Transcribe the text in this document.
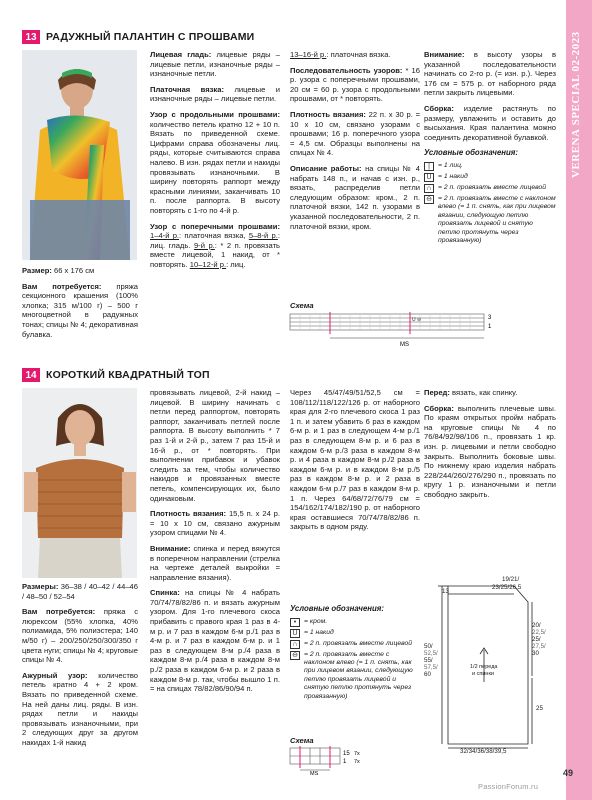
VERENА SPECIAL 02-2023
13 РАДУЖНЫЙ ПАЛАНТИН С ПРОШВАМИ

Размер: 66 х 176 см

Вам потребуется: пряжа секционного крашения (100% хлопка; 315 м/100 г) – 500 г многоцветной в радужных тонах; спицы № 4; декоративная булавка.

Лицевая гладь: лицевые ряды – лицевые петли, изнаночные ряды – изнаночные петли.

Платочная вязка: лицевые и изнаночные ряды – лицевые петли.

Узор с продольными прошвами: количество петель кратно 12 + 10 п. Вязать по приведенной схеме. Цифрами справа обозначены лиц. ряды, которые считываются справа налево. В изн. рядах петли и накиды провязывать изнаночными. В ширину повторять раппорт между красными линиями, заканчивать 10 п. после раппорта. В высоту повторять с 1-го по 4-й р.

Узор с поперечными прошвами: 1–4-й р.: платочная вязка, 5–8-й р.: лиц. гладь. 9-й р.: * 2 п. провязать вместе лицевой, 1 накид, от * повторять. 10–12-й р.: лиц.

13–16-й р.: платочная вязка.

Последовательность узоров: * 16 р. узора с поперечными прошвами, 20 см = 60 р. узора с продольными прошвами, от * повторять.

Плотность вязания: 22 п. х 30 р. = 10 х 10 см, связано узорами с прошвами; 16 р. поперечного узора = 4,5 см. Образцы выполнены на спицах № 4.

Описание работы: на спицы № 4 набрать 148 п., и начав с изн. р., вязать, распределив петли следующим образом: кром., 2 п. платочной вязки, 142 п. узорами в указанной последовательности, 2 п. платочной вязки, кром.

Внимание: в высоту узоры в указанной последовательности начинать со 2-го р. (= изн. р.). Через 176 см = 575 р. от наборного ряда петли закрыть лицевыми.

Сборка: изделие растянуть по размеру, увлажнить и оставить до высыхания. Края палантина можно соединить декоративной булавкой.

Условные обозначения:
|	= 1 лиц.
U = 1 накид
∩ = 2 п. провязать вместе лицевой
⊖ = 2 п. провязать вместе с наклоном влево (= 1 п. снять, как при лицевом вязании, следующую петлю провязать лицевой и снятую петлю протянуть через провязанную)
Схема
U ⊖	3
1
MS
14 КОРОТКИЙ КВАДРАТНЫЙ ТОП

Размеры: 36–38 / 40–42 / 44–46 / 48–50 / 52–54

Вам потребуется: пряжа с люрексом (55% хлопка, 40% полиамида, 5% полиэстера; 140 м/50 г) – 200/250/250/300/350 г цвета нуги; спицы № 4; круговые спицы № 4.

Ажурный узор: количество петель кратно 4 + 2 кром. Вязать по приведенной схеме. На ней даны лиц. ряды. В изн. рядах петли и накиды провязывать изнаночными, при 2 следующих друг за другом накидах 1-й накид

провязывать лицевой, 2-й накид – лицевой. В ширину начинать с петли перед раппортом, повторять раппорт, заканчивать петлей после раппорта. В высоту выполнить * 7 раз 1-й и 2-й р., затем 7 раз 15-й и 16-й р., от * повторять. При выполнении прибавок и убавок следить за тем, чтобы количество накидов и провязанных вместе петель, компенсирующих их, было одинаковым.

Плотность вязания: 15,5 п. х 24 р. = 10 х 10 см, связано ажурным узором спицами № 4.

Внимание: спинка и перед вяжутся в поперечном направлении (стрелка на чертеже деталей выкройки = направление вязания).

Спинка: на спицы № 4 набрать 70/74/78/82/86 п. и вязать ажурным узором. Для 1-го плечевого скоса прибавить с правого края 1 раз в 4-м р. и 7 раз в каждом 6-м р./1 раз в 4-м р. и 7 раз в каждом 6-м р. и 1 раз в следующем 8-м р./4 раза в каждом 8-м р./4 раза в каждом 8-м р./2 раза в каждом 6-м р. и 2 раза в каждом 8-м р. так, чтобы вышло 1 п. = на спицах 78/82/86/90/94 п.

Через 45/47/49/51/52,5 см = 108/112/118/122/126 р. от наборного края для 2-го плечевого скоса 1 раз 1 п. и затем убавить 6 раз в каждом 6-м р. и 1 раз в следующем 4-м р./1 раз в следующем 8-м р. и 6 раз в каждом 6-м р./3 раза в каждом 8-м р. и 4 раза в каждом 8-м р./2 раза в каждом 6-м р. и в каждом 8-м р./5 раз в каждом 8-м р. и 2 раза в каждом 6-м р./7 раз в каждом 8-м р. 1 п. Через 64/68/72/76/79 см = 154/162/174/182/190 р. от наборного края оставшиеся 70/74/78/82/86 п. закрыть в одном ряду.

Условные обозначения:
•	= кром.
U = 1 накид
∩ = 2 п. провязать вместе лицевой
⊖ = 2 п. провязать вместе с наклоном влево (= 1 п. снять, как при лицевом вязании, следующую петлю провязать лицевой и снятую петлю протянуть через провязанную)
Схема
15
1
7x
7x
MS

Перед: вязать, как спинку.

Сборка: выполнить плечевые швы. По краям открытых пройм набрать на круговые спицы № 4 по 76/84/92/98/106 п., провязать 1 кр. изн. р. лицевыми и петли свободно закрыть. Выполнить боковые швы. По нижнему краю изделия набрать 228/244/260/276/290 п., провязать по кругу 1 р. изнаночными и петли свободно закрыть.

19/21/
23/25/26,5
13
20/
22,5/
25/
27,5/
30
50/
52,5/
55/
57,5/
60
1/2 переда
и спинки
25
32/34/36/38/39,5
49
PassionForum.ru
